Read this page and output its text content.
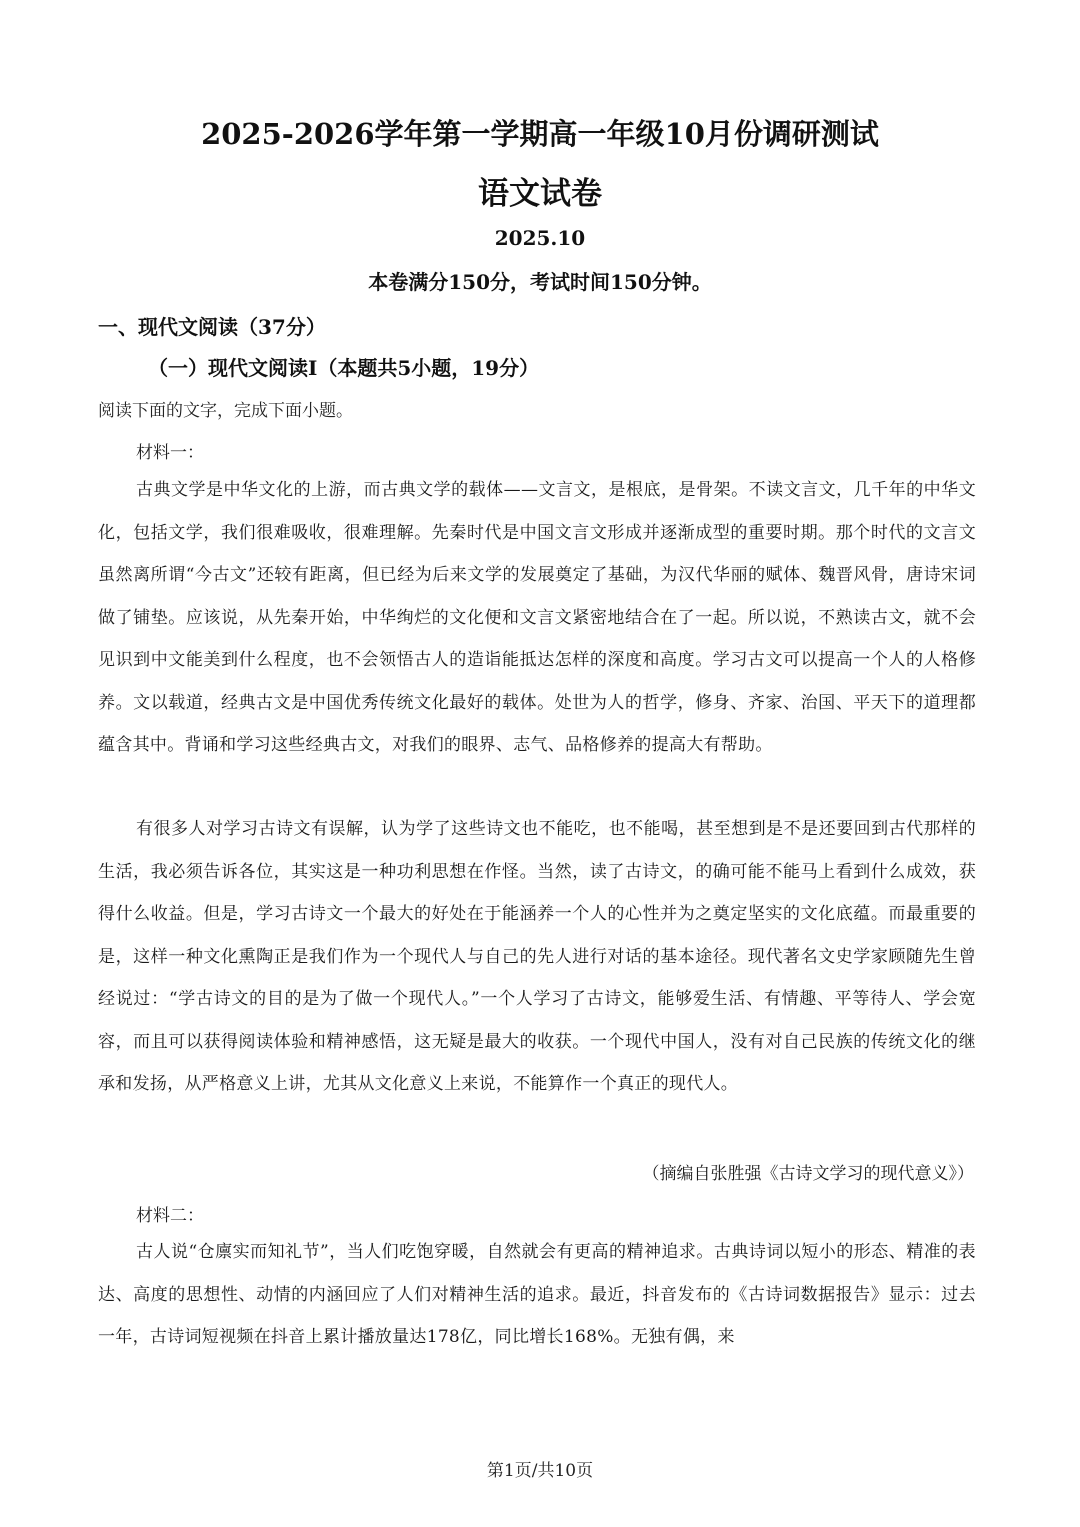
2025-2026学年第一学期高一年级10月份调研测试
语文试卷
2025.10
本卷满分150分，考试时间150分钟。
一、现代文阅读（37分）
（一）现代文阅读Ⅰ（本题共5小题，19分）
阅读下面的文字，完成下面小题。
材料一：
古典文学是中华文化的上游，而古典文学的载体——文言文，是根底，是骨架。不读文言文，几千年的中华文化，包括文学，我们很难吸收，很难理解。先秦时代是中国文言文形成并逐渐成型的重要时期。那个时代的文言文虽然离所谓“今古文”还较有距离，但已经为后来文学的发展奠定了基础，为汉代华丽的赋体、魏晋风骨，唐诗宋词做了铺垫。应该说，从先秦开始，中华绚烂的文化便和文言文紧密地结合在了一起。所以说，不熟读古文，就不会见识到中文能美到什么程度，也不会领悟古人的造诣能抵达怎样的深度和高度。学习古文可以提高一个人的人格修养。文以载道，经典古文是中国优秀传统文化最好的载体。处世为人的哲学，修身、齐家、治国、平天下的道理都蕴含其中。背诵和学习这些经典古文，对我们的眼界、志气、品格修养的提高大有帮助。
有很多人对学习古诗文有误解，认为学了这些诗文也不能吃，也不能喝，甚至想到是不是还要回到古代那样的生活，我必须告诉各位，其实这是一种功利思想在作怪。当然，读了古诗文，的确可能不能马上看到什么成效，获得什么收益。但是，学习古诗文一个最大的好处在于能涵养一个人的心性并为之奠定坚实的文化底蕴。而最重要的是，这样一种文化熏陶正是我们作为一个现代人与自己的先人进行对话的基本途径。现代著名文史学家顾随先生曾经说过：“学古诗文的目的是为了做一个现代人。”一个人学习了古诗文，能够爱生活、有情趣、平等待人、学会宽容，而且可以获得阅读体验和精神感悟，这无疑是最大的收获。一个现代中国人，没有对自己民族的传统文化的继承和发扬，从严格意义上讲，尤其从文化意义上来说，不能算作一个真正的现代人。
（摘编自张胜强《古诗文学习的现代意义》）
材料二：
古人说“仓廪实而知礼节”，当人们吃饱穿暖，自然就会有更高的精神追求。古典诗词以短小的形态、精准的表达、高度的思想性、动情的内涵回应了人们对精神生活的追求。最近，抖音发布的《古诗词数据报告》显示：过去一年，古诗词短视频在抖音上累计播放量达178亿，同比增长168%。无独有偶，来
第1页/共10页
